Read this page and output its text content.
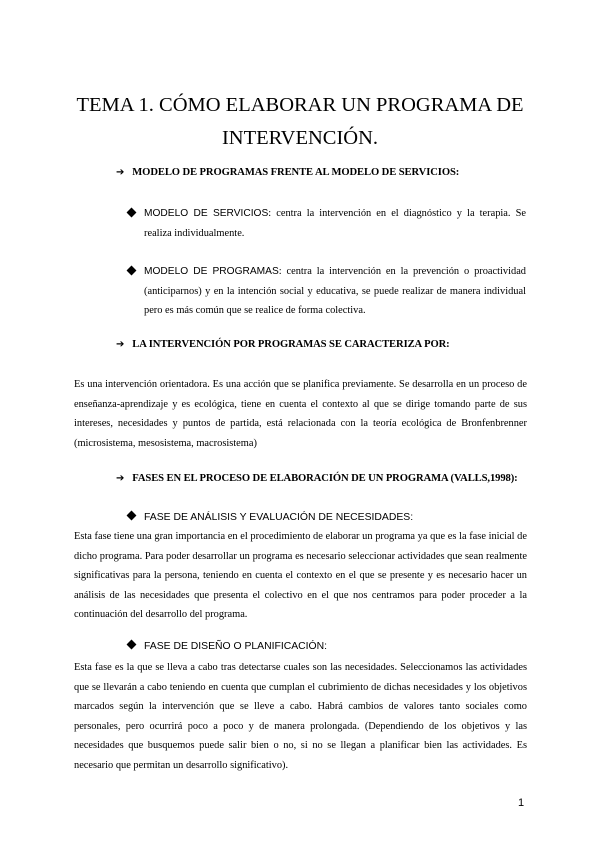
TEMA 1. CÓMO ELABORAR UN PROGRAMA DE INTERVENCIÓN.
➔ MODELO DE PROGRAMAS FRENTE AL MODELO DE SERVICIOS:
MODELO DE SERVICIOS: centra la intervención en el diagnóstico y la terapia. Se realiza individualmente.
MODELO DE PROGRAMAS: centra la intervención en la prevención o proactividad (anticiparnos) y en la intención social y educativa, se puede realizar de manera individual pero es más común que se realice de forma colectiva.
➔ LA INTERVENCIÓN POR PROGRAMAS SE CARACTERIZA POR:

Es una intervención orientadora. Es una acción que se planifica previamente. Se desarrolla en un proceso de enseñanza-aprendizaje y es ecológica, tiene en cuenta el contexto al que se dirige tomando parte de sus intereses, necesidades y puntos de partida, está relacionada con la teoría ecológica de Bronfenbrenner (microsistema, mesosistema, macrosistema)

➔ FASES EN EL PROCESO DE ELABORACIÓN DE UN PROGRAMA (VALLS,1998):
FASE DE ANÁLISIS Y EVALUACIÓN DE NECESIDADES:

Esta fase tiene una gran importancia en el procedimiento de elaborar un programa ya que es la fase inicial de dicho programa. Para poder desarrollar un programa es necesario seleccionar actividades que sean realmente significativas para la persona, teniendo en cuenta el contexto en el que se presente y es necesario hacer un análisis de las necesidades que presenta el colectivo en el que nos centramos para poder proceder a la continuación del desarrollo del programa.

FASE DE DISEÑO O PLANIFICACIÓN:

Esta fase es la que se lleva a cabo tras detectarse cuales son las necesidades. Seleccionamos las actividades que se llevarán a cabo teniendo en cuenta que cumplan el cubrimiento de dichas necesidades y los objetivos marcados según la intervención que se lleve a cabo. Habrá cambios de valores tanto sociales como personales, pero ocurrirá poco a poco y de manera prolongada. (Dependiendo de los objetivos y las necesidades que busquemos puede salir bien o no, si no se llegan a planificar bien las actividades. Es necesario que permitan un desarrollo significativo).

1
